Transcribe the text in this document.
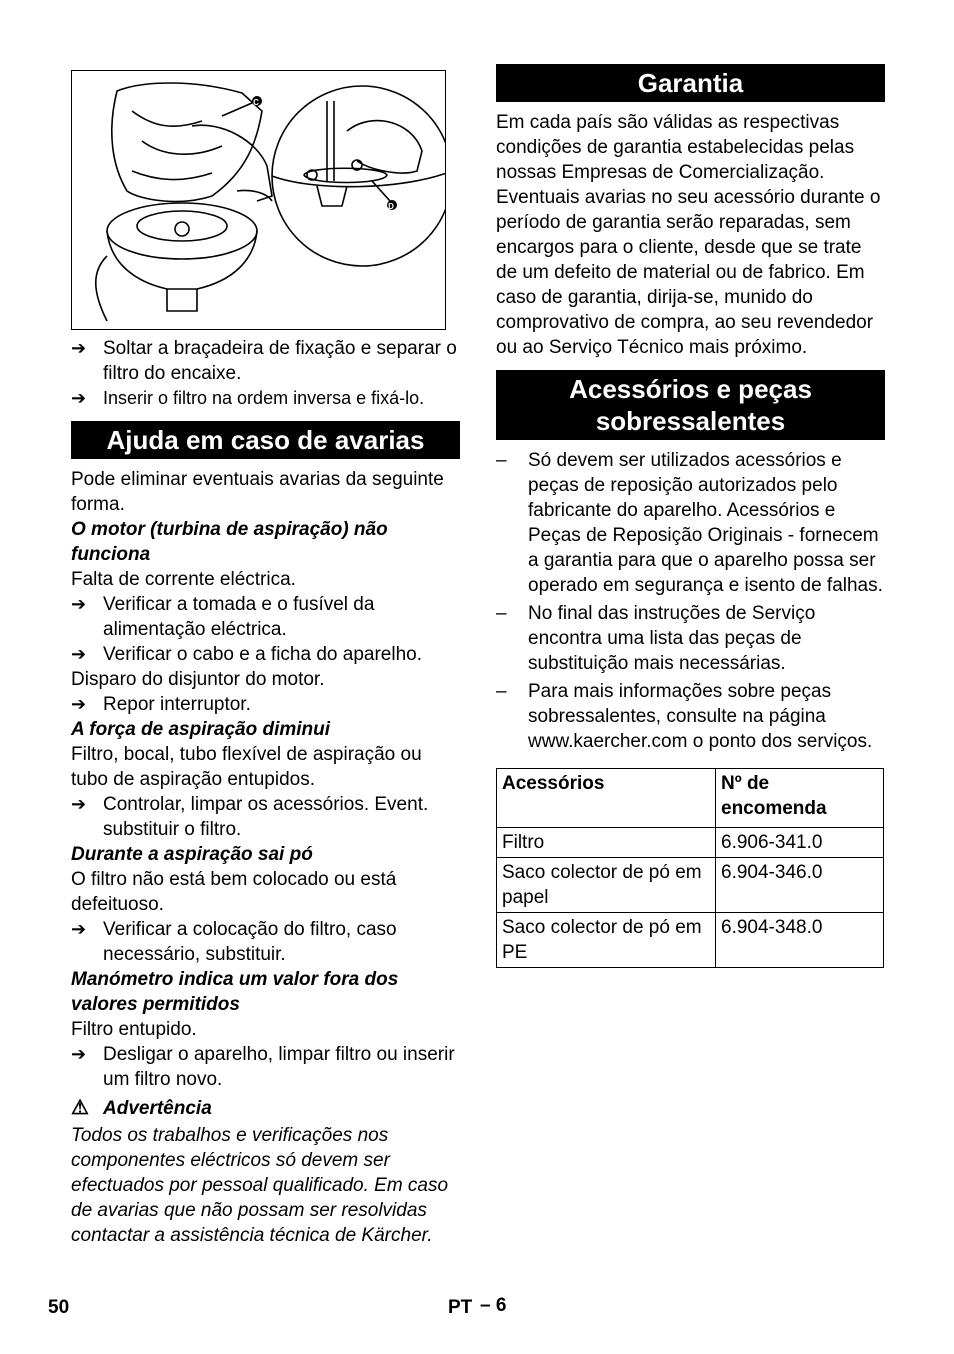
C
D
➔ Soltar a braçadeira de fixação e separar o filtro do encaixe.
➔ Inserir o filtro na ordem inversa e fixá-lo.
Ajuda em caso de avarias

Pode eliminar eventuais avarias da seguinte forma.

O motor (turbina de aspiração) não funciona

Falta de corrente eléctrica.

➔ Verificar a tomada e o fusível da alimentação eléctrica.
➔ Verificar o cabo e a ficha do aparelho.

Disparo do disjuntor do motor.

➔ Repor interruptor.

A força de aspiração diminui

Filtro, bocal, tubo flexível de aspiração ou tubo de aspiração entupidos.

➔ Controlar, limpar os acessórios. Event. substituir o filtro.

Durante a aspiração sai pó

O filtro não está bem colocado ou está defeituoso.

➔ Verificar a colocação do filtro, caso necessário, substituir.

Manómetro indica um valor fora dos valores permitidos

Filtro entupido.

➔ Desligar o aparelho, limpar filtro ou inserir um filtro novo.
⚠ Advertência

Todos os trabalhos e verificações nos componentes eléctricos só devem ser efectuados por pessoal qualificado. Em caso de avarias que não possam ser resolvidas contactar a assistência técnica de Kärcher.

Garantia

Em cada país são válidas as respectivas condições de garantia estabelecidas pelas nossas Empresas de Comercialização. Eventuais avarias no seu acessório durante o período de garantia serão reparadas, sem encargos para o cliente, desde que se trate de um defeito de material ou de fabrico. Em caso de garantia, dirija-se, munido do comprovativo de compra, ao seu revendedor ou ao Serviço Técnico mais próximo.

Acessórios e peças
sobressalentes
–	Só devem ser utilizados acessórios e peças de reposição autorizados pelo fabricante do aparelho. Acessórios e Peças de Reposição Originais - fornecem a garantia para que o aparelho possa ser operado em segurança e isento de falhas.
–	No final das instruções de Serviço encontra uma lista das peças de substituição mais necessárias.
–	Para mais informações sobre peças sobressalentes, consulte na página www.kaercher.com o ponto dos serviços.
Acessórios	Nº de encomenda
Filtro	6.906-341.0
Saco colector de pó em papel	6.904-346.0
Saco colector de pó em PE	6.904-348.0
50	PT – 6
